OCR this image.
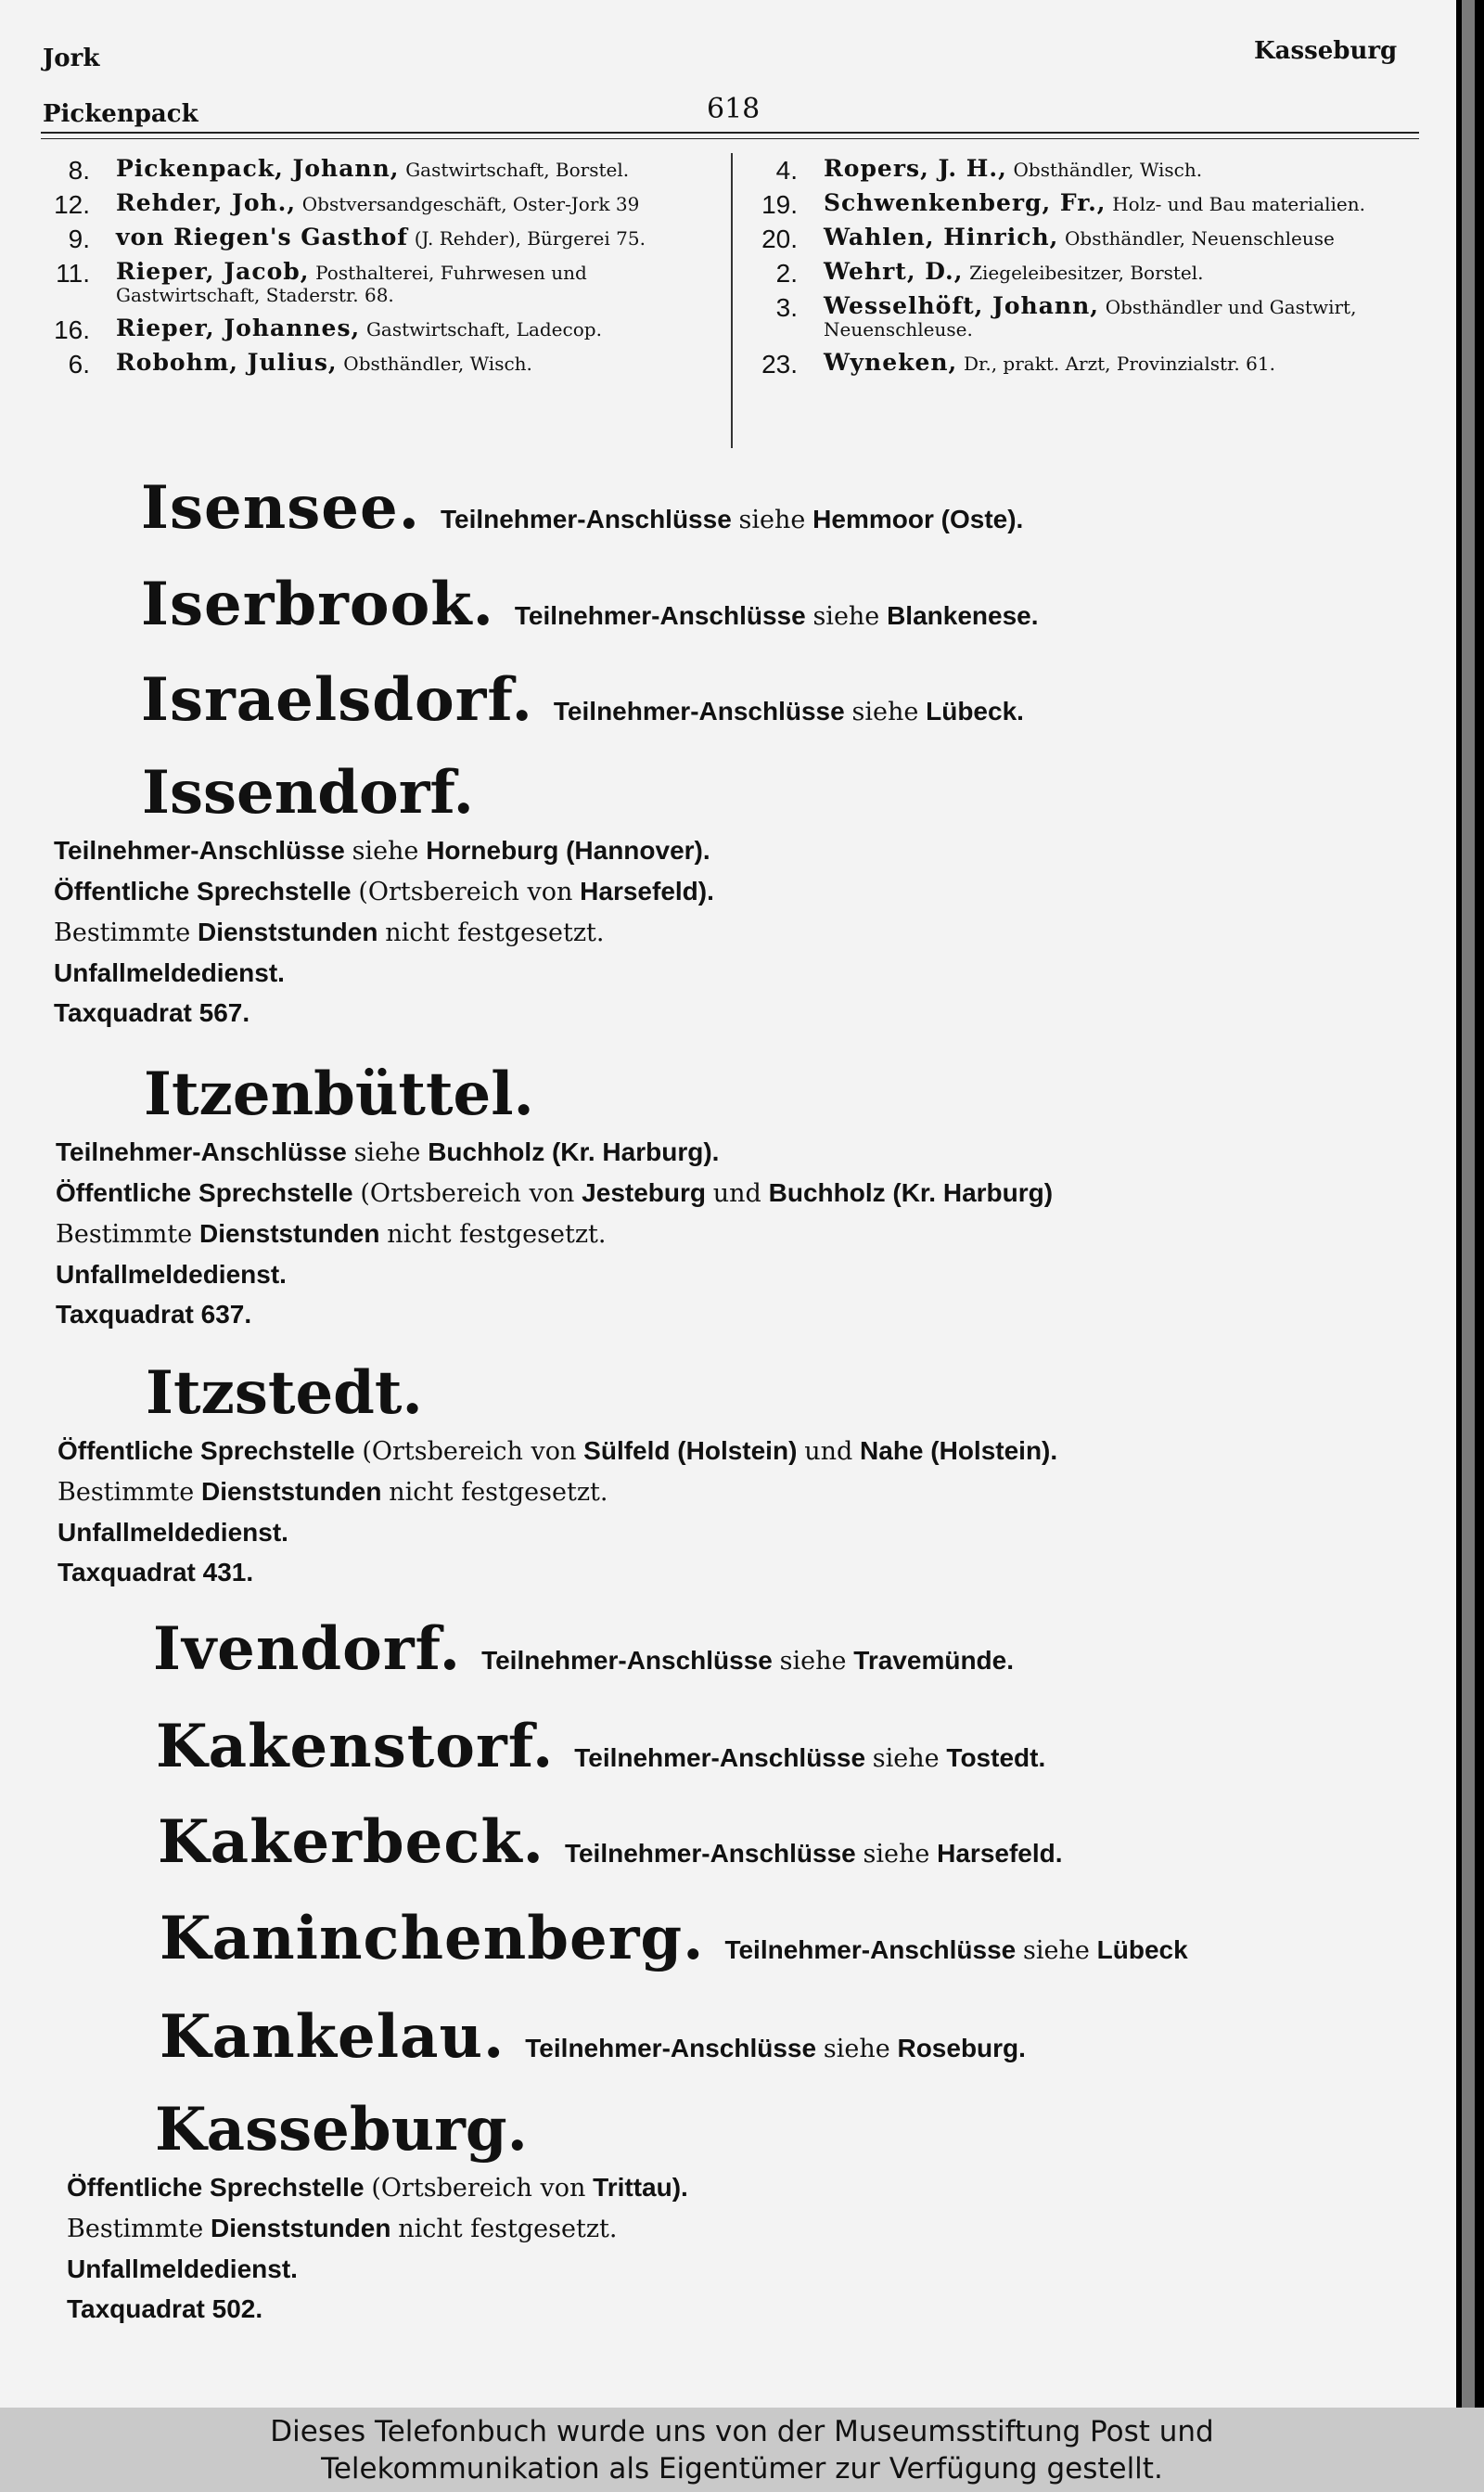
Jork
Pickenpack	618
Kasseburg
8. Pickenpack, Johann, Gastwirtschaft, Borstel.
12. Rehder, Joh., Obstversandgeschäft, Oster-Jork 39
9. von Riegen's Gasthof (J. Rehder), Bürgerei 75.
11. Rieper, Jacob, Posthalterei, Fuhrwesen und Gastwirtschaft, Staderstr. 68.
16. Rieper, Johannes, Gastwirtschaft, Ladecop.
6. Robohm, Julius, Obsthändler, Wisch.
4. Ropers, J. H., Obsthändler, Wisch.
19. Schwenkenberg, Fr., Holz- und Bau materialien.
20. Wahlen, Hinrich, Obsthändler, Neuenschleuse
2. Wehrt, D., Ziegeleibesitzer, Borstel.
3. Wesselhöft, Johann, Obsthändler und Gastwirt, Neuenschleuse.
23. Wyneken, Dr., prakt. Arzt, Provinzialstr. 61.
Isensee. Teilnehmer-Anschlüsse siehe Hemmoor (Oste).
Iserbrook. Teilnehmer-Anschlüsse siehe Blankenese.
Israelsdorf. Teilnehmer-Anschlüsse siehe Lübeck.
Issendorf.
Teilnehmer-Anschlüsse siehe Horneburg (Hannover).
Öffentliche Sprechstelle (Ortsbereich von Harsefeld).
Bestimmte Dienststunden nicht festgesetzt.
Unfallmeldedienst.
Taxquadrat 567.
Itzenbüttel.
Teilnehmer-Anschlüsse siehe Buchholz (Kr. Harburg).
Öffentliche Sprechstelle (Ortsbereich von Jesteburg und Buchholz (Kr. Harburg)
Bestimmte Dienststunden nicht festgesetzt.
Unfallmeldedienst.
Taxquadrat 637.
Itzstedt.
Öffentliche Sprechstelle (Ortsbereich von Sülfeld (Holstein) und Nahe (Holstein).
Bestimmte Dienststunden nicht festgesetzt.
Unfallmeldedienst.
Taxquadrat 431.
Ivendorf. Teilnehmer-Anschlüsse siehe Travemünde.
Kakenstorf. Teilnehmer-Anschlüsse siehe Tostedt.
Kakerbeck. Teilnehmer-Anschlüsse siehe Harsefeld.
Kaninchenberg. Teilnehmer-Anschlüsse siehe Lübeck
Kankelau. Teilnehmer-Anschlüsse siehe Roseburg.
Kasseburg.
Öffentliche Sprechstelle (Ortsbereich von Trittau).
Bestimmte Dienststunden nicht festgesetzt.
Unfallmeldedienst.
Taxquadrat 502.
Dieses Telefonbuch wurde uns von der Museumsstiftung Post und
Telekommunikation als Eigentümer zur Verfügung gestellt.
